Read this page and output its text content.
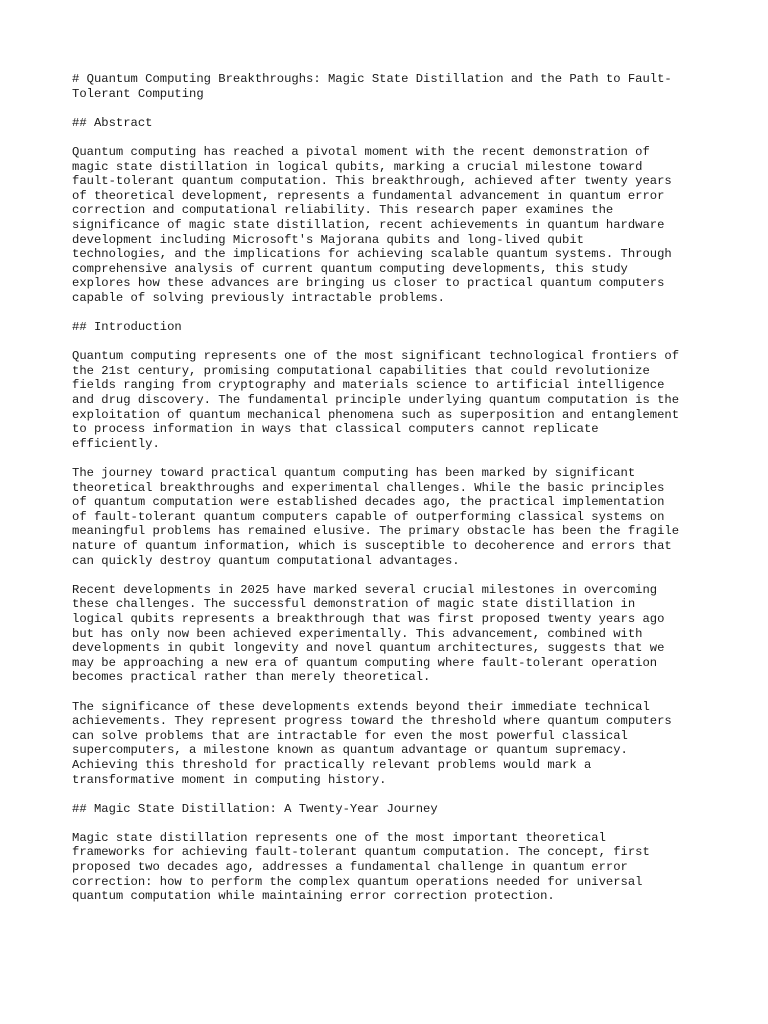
# Quantum Computing Breakthroughs: Magic State Distillation and the Path to Fault-
Tolerant Computing
## Abstract
Quantum computing has reached a pivotal moment with the recent demonstration of
magic state distillation in logical qubits, marking a crucial milestone toward
fault-tolerant quantum computation. This breakthrough, achieved after twenty years
of theoretical development, represents a fundamental advancement in quantum error
correction and computational reliability. This research paper examines the
significance of magic state distillation, recent achievements in quantum hardware
development including Microsoft's Majorana qubits and long-lived qubit
technologies, and the implications for achieving scalable quantum systems. Through
comprehensive analysis of current quantum computing developments, this study
explores how these advances are bringing us closer to practical quantum computers
capable of solving previously intractable problems.
## Introduction
Quantum computing represents one of the most significant technological frontiers of
the 21st century, promising computational capabilities that could revolutionize
fields ranging from cryptography and materials science to artificial intelligence
and drug discovery. The fundamental principle underlying quantum computation is the
exploitation of quantum mechanical phenomena such as superposition and entanglement
to process information in ways that classical computers cannot replicate
efficiently.
The journey toward practical quantum computing has been marked by significant
theoretical breakthroughs and experimental challenges. While the basic principles
of quantum computation were established decades ago, the practical implementation
of fault-tolerant quantum computers capable of outperforming classical systems on
meaningful problems has remained elusive. The primary obstacle has been the fragile
nature of quantum information, which is susceptible to decoherence and errors that
can quickly destroy quantum computational advantages.
Recent developments in 2025 have marked several crucial milestones in overcoming
these challenges. The successful demonstration of magic state distillation in
logical qubits represents a breakthrough that was first proposed twenty years ago
but has only now been achieved experimentally. This advancement, combined with
developments in qubit longevity and novel quantum architectures, suggests that we
may be approaching a new era of quantum computing where fault-tolerant operation
becomes practical rather than merely theoretical.
The significance of these developments extends beyond their immediate technical
achievements. They represent progress toward the threshold where quantum computers
can solve problems that are intractable for even the most powerful classical
supercomputers, a milestone known as quantum advantage or quantum supremacy.
Achieving this threshold for practically relevant problems would mark a
transformative moment in computing history.
## Magic State Distillation: A Twenty-Year Journey
Magic state distillation represents one of the most important theoretical
frameworks for achieving fault-tolerant quantum computation. The concept, first
proposed two decades ago, addresses a fundamental challenge in quantum error
correction: how to perform the complex quantum operations needed for universal
quantum computation while maintaining error correction protection.
